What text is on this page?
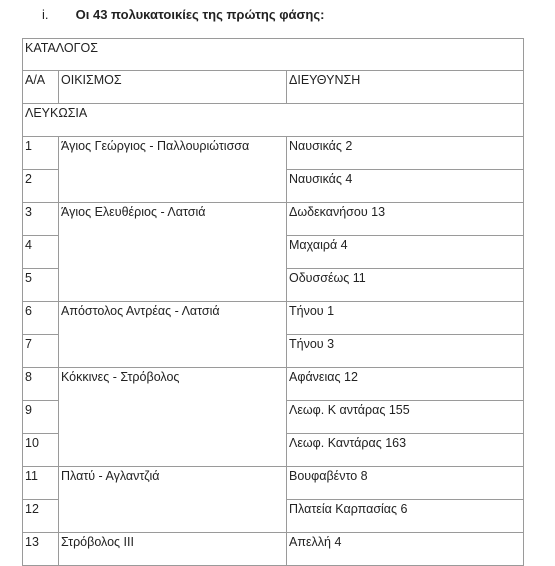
i. Οι 43 πολυκατοικίες της πρώτης φάσης:
ΚΑΤΑΛΟΓΟΣ		
Α/Α	ΟΙΚΙΣΜΟΣ	ΔΙΕΥΘΥΝΣΗ
ΛΕΥΚΩΣΙΑ		
1	Άγιος Γεώργιος - Παλλουριώτισσα	Ναυσικάς 2
2		Ναυσικάς 4
3	Άγιος Ελευθέριος - Λατσιά	Δωδεκανήσου 13
4		Μαχαιρά 4
5		Οδυσσέως 11
6	Απόστολος Αντρέας - Λατσιά	Τήνου 1
7		Τήνου 3
8	Κόκκινες - Στρόβολος	Αφάνειας 12
9		Λεωφ. Κ αντάρας 155
10		Λεωφ. Καντάρας 163
11	Πλατύ - Αγλαντζιά	Βουφαβέντο 8
12		Πλατεία Καρπασίας 6
13	Στρόβολος ΙΙΙ	Απελλή 4
